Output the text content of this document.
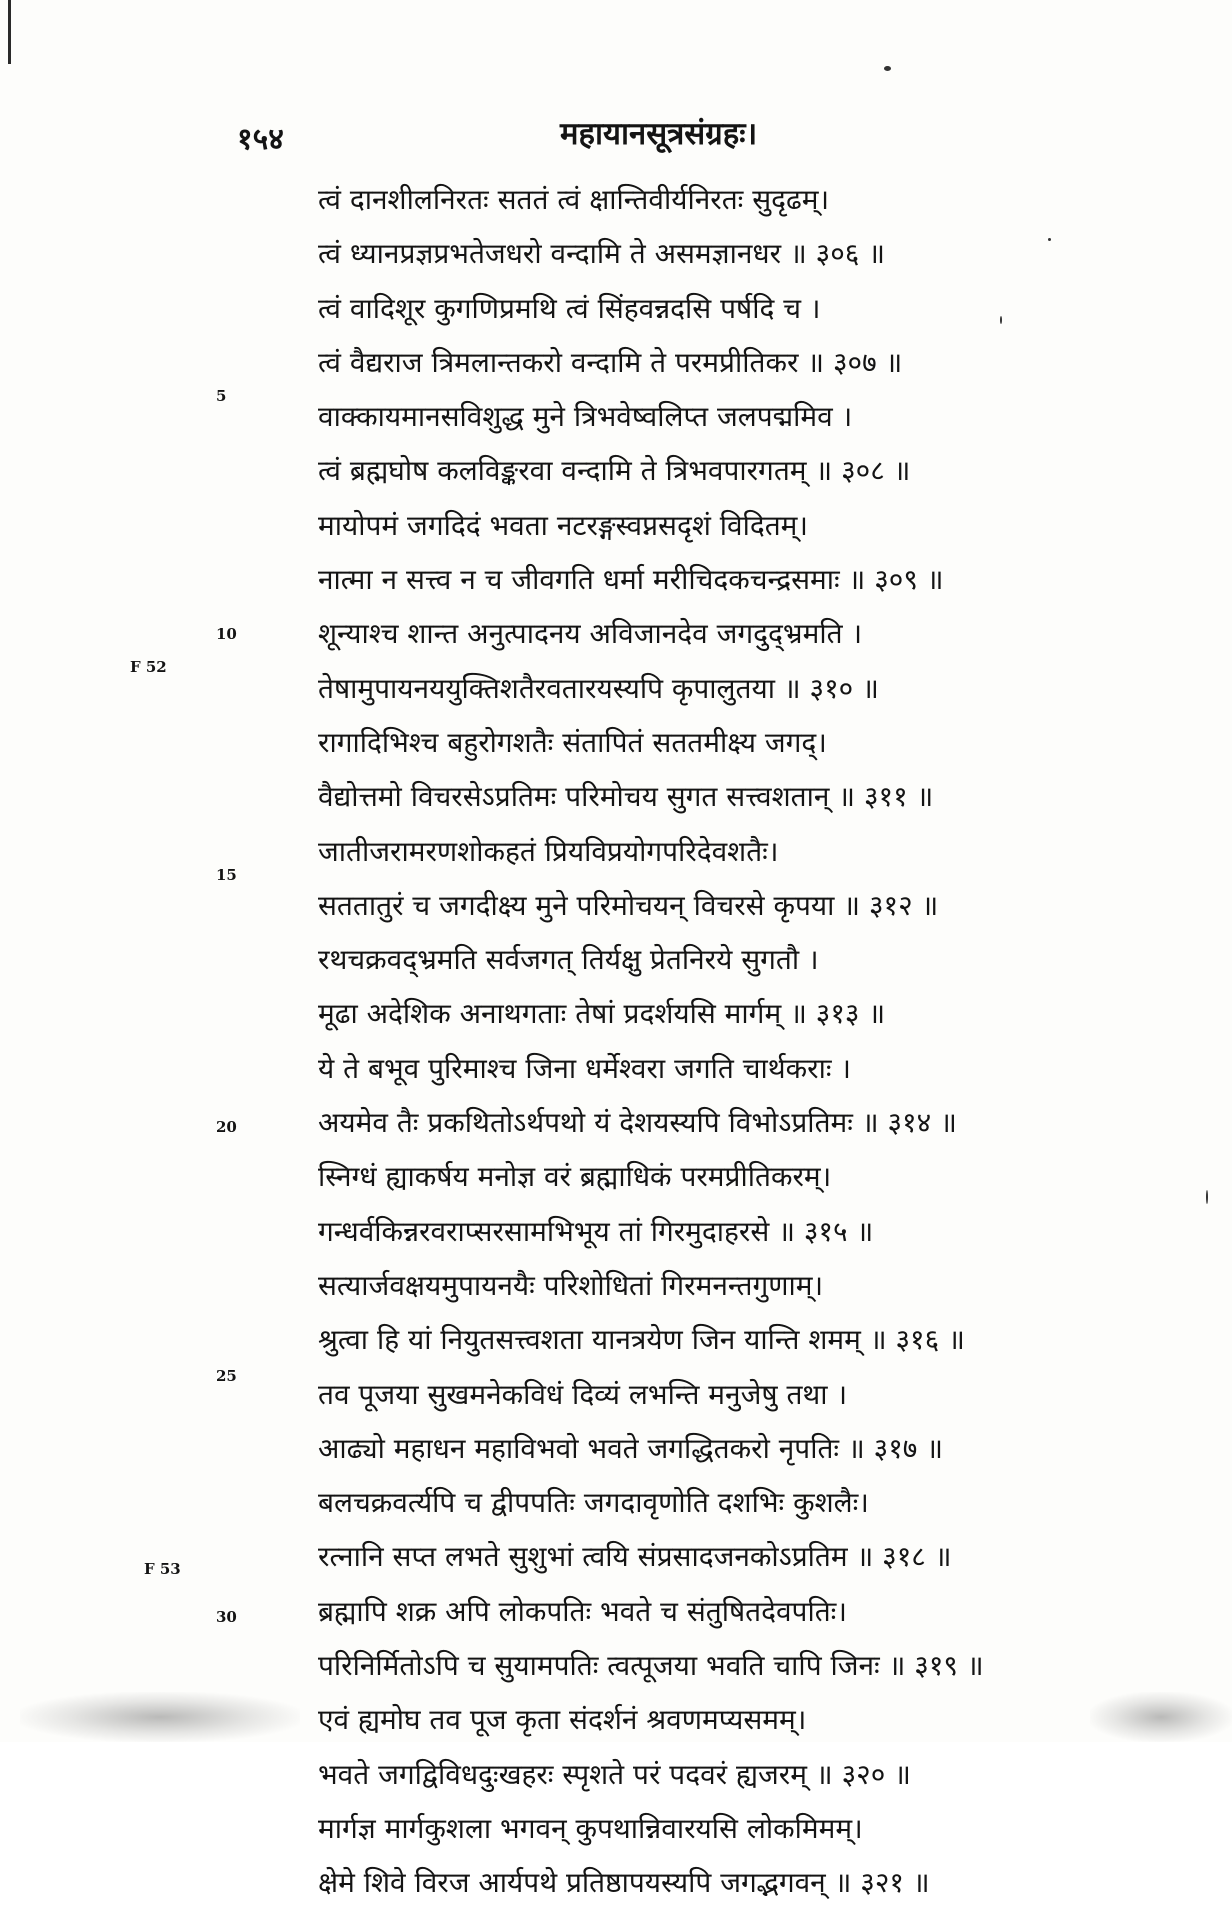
१५४	महायानसूत्रसंग्रहः।
5
10
15
20
25
30
F 52
F 53
त्वं दानशीलनिरतः सततं त्वं क्षान्तिवीर्यनिरतः सुदृढम्।
त्वं ध्यानप्रज्ञप्रभतेजधरो वन्दामि ते असमज्ञानधर ॥ ३०६ ॥
त्वं वादिशूर कुगणिप्रमथि त्वं सिंहवन्नदसि पर्षदि च ।
त्वं वैद्यराज त्रिमलान्तकरो वन्दामि ते परमप्रीतिकर ॥ ३०७ ॥
वाक्कायमानसविशुद्ध मुने त्रिभवेष्वलिप्त जलपद्ममिव ।
त्वं ब्रह्मघोष कलविङ्करवा वन्दामि ते त्रिभवपारगतम् ॥ ३०८ ॥
मायोपमं जगदिदं भवता नटरङ्गस्वप्नसदृशं विदितम्।
नात्मा न सत्त्व न च जीवगति धर्मा मरीचिदकचन्द्रसमाः ॥ ३०९ ॥
शून्याश्च शान्त अनुत्पादनय अविजानदेव जगदुद्भ्रमति ।
तेषामुपायनययुक्तिशतैरवतारयस्यपि कृपालुतया ॥ ३१० ॥
रागादिभिश्च बहुरोगशतैः संतापितं सततमीक्ष्य जगद्।
वैद्योत्तमो विचरसेऽप्रतिमः परिमोचय सुगत सत्त्वशतान् ॥ ३११ ॥
जातीजरामरणशोकहतं प्रियविप्रयोगपरिदेवशतैः।
सततातुरं च जगदीक्ष्य मुने परिमोचयन् विचरसे कृपया ॥ ३१२ ॥
रथचक्रवद्भ्रमति सर्वजगत् तिर्यक्षु प्रेतनिरये सुगतौ ।
मूढा अदेशिक अनाथगताः तेषां प्रदर्शयसि मार्गम् ॥ ३१३ ॥
ये ते बभूव पुरिमाश्च जिना धर्मेश्वरा जगति चार्थकराः ।
अयमेव तैः प्रकथितोऽर्थपथो यं देशयस्यपि विभोऽप्रतिमः ॥ ३१४ ॥
स्निग्धं ह्याकर्षय मनोज्ञ वरं ब्रह्माधिकं परमप्रीतिकरम्।
गन्धर्वकिन्नरवराप्सरसामभिभूय तां गिरमुदाहरसे ॥ ३१५ ॥
सत्यार्जवक्षयमुपायनयैः परिशोधितां गिरमनन्तगुणाम्।
श्रुत्वा हि यां नियुतसत्त्वशता यानत्रयेण जिन यान्ति शमम् ॥ ३१६ ॥
तव पूजया सुखमनेकविधं दिव्यं लभन्ति मनुजेषु तथा ।
आढ्यो महाधन महाविभवो भवते जगद्धितकरो नृपतिः ॥ ३१७ ॥
बलचक्रवर्त्यपि च द्वीपपतिः जगदावृणोति दशभिः कुशलैः।
रत्नानि सप्त लभते सुशुभां त्वयि संप्रसादजनकोऽप्रतिम ॥ ३१८ ॥
ब्रह्मापि शक्र अपि लोकपतिः भवते च संतुषितदेवपतिः।
परिनिर्मितोऽपि च सुयामपतिः त्वत्पूजया भवति चापि जिनः ॥ ३१९ ॥
एवं ह्यमोघ तव पूज कृता संदर्शनं श्रवणमप्यसमम्।
भवते जगद्विविधदुःखहरः स्पृशते परं पदवरं ह्यजरम् ॥ ३२० ॥
मार्गज्ञ मार्गकुशला भगवन् कुपथान्निवारयसि लोकमिमम्।
क्षेमे शिवे विरज आर्यपथे प्रतिष्ठापयस्यपि जगद्भगवन् ॥ ३२१ ॥
